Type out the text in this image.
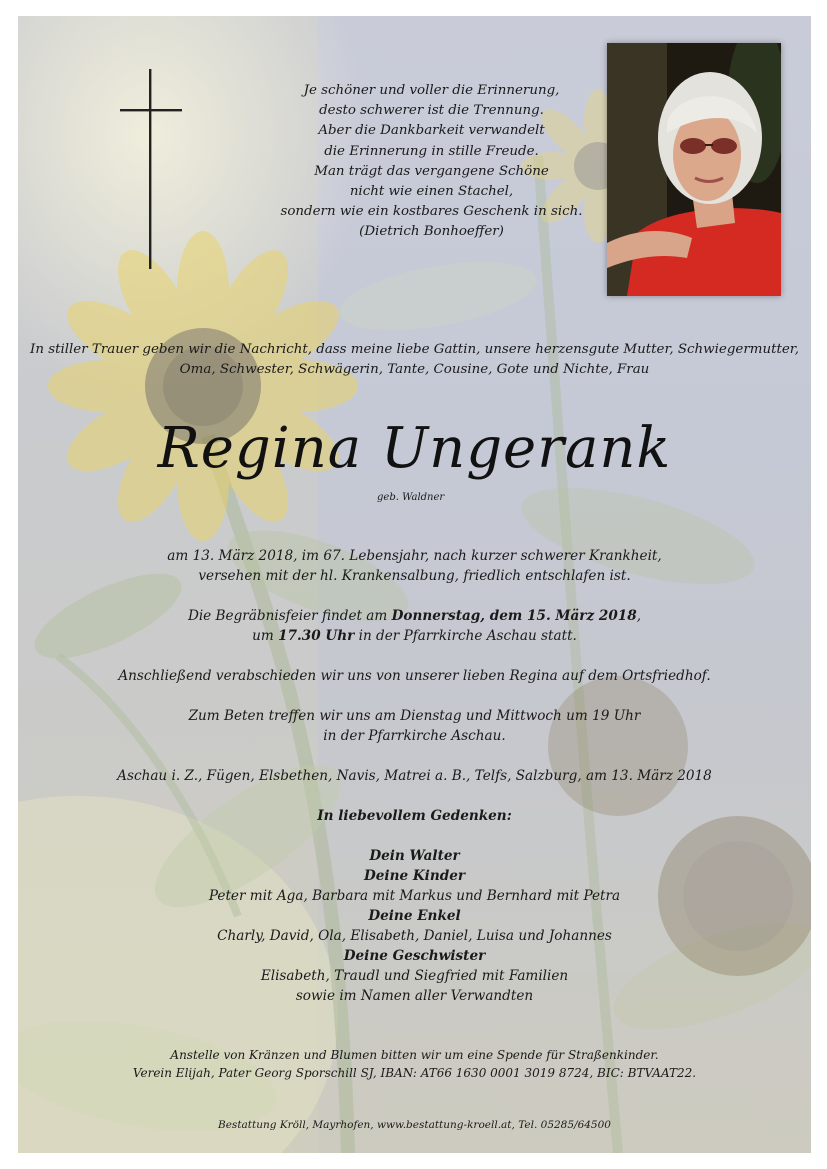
Je schöner und voller die Erinnerung,
desto schwerer ist die Trennung.
Aber die Dankbarkeit verwandelt
die Erinnerung in stille Freude.
Man trägt das vergangene Schöne
nicht wie einen Stachel,
sondern wie ein kostbares Geschenk in sich.
(Dietrich Bonhoeffer)
In stiller Trauer geben wir die Nachricht, dass meine liebe Gattin, unsere herzensgute Mutter, Schwiegermutter,
Oma, Schwester, Schwägerin, Tante, Cousine, Gote und Nichte, Frau
Regina Ungerank
geb. Waldner
am 13. März 2018, im 67. Lebensjahr, nach kurzer schwerer Krankheit,
versehen mit der hl. Krankensalbung, friedlich entschlafen ist.
Die Begräbnisfeier findet am Donnerstag, dem 15. März 2018,
um 17.30 Uhr in der Pfarrkirche Aschau statt.
Anschließend verabschieden wir uns von unserer lieben Regina auf dem Ortsfriedhof.
Zum Beten treffen wir uns am Dienstag und Mittwoch um 19 Uhr
in der Pfarrkirche Aschau.
Aschau i. Z., Fügen, Elsbethen, Navis, Matrei a. B., Telfs, Salzburg, am 13. März 2018
In liebevollem Gedenken:
Dein Walter
Deine Kinder
Peter mit Aga, Barbara mit Markus und Bernhard mit Petra
Deine Enkel
Charly, David, Ola, Elisabeth, Daniel, Luisa und Johannes
Deine Geschwister
Elisabeth, Traudl und Siegfried mit Familien
sowie im Namen aller Verwandten
Anstelle von Kränzen und Blumen bitten wir um eine Spende für Straßenkinder.
Verein Elijah, Pater Georg Sporschill SJ, IBAN: AT66 1630 0001 3019 8724, BIC: BTVAAT22.
Bestattung Kröll, Mayrhofen, www.bestattung-kroell.at, Tel. 05285/64500
